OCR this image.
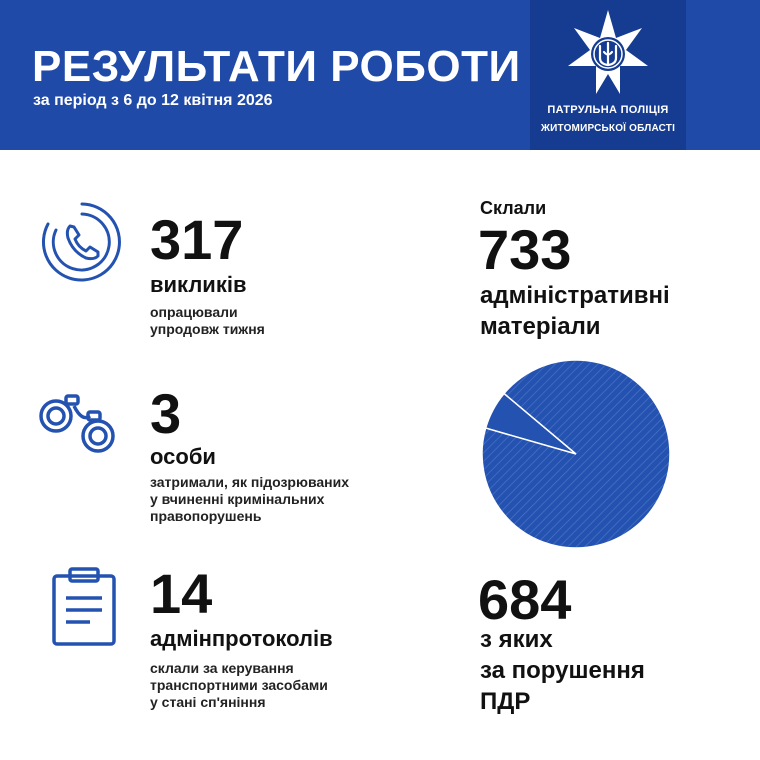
РЕЗУЛЬТАТИ РОБОТИ
за період з 6 до 12 квітня 2026
ПАТРУЛЬНА ПОЛІЦІЯ
ЖИТОМИРСЬКОЇ ОБЛАСТІ
317
викликів
опрацювали
упродовж тижня
3
особи
затримали, як підозрюваних
у вчиненні кримінальних
правопорушень
14
адмінпротоколів
склали за керування
транспортними засобами
у стані сп'яніння
Склали
733
адміністративні
матеріали
684
з яких
за порушення
ПДР
